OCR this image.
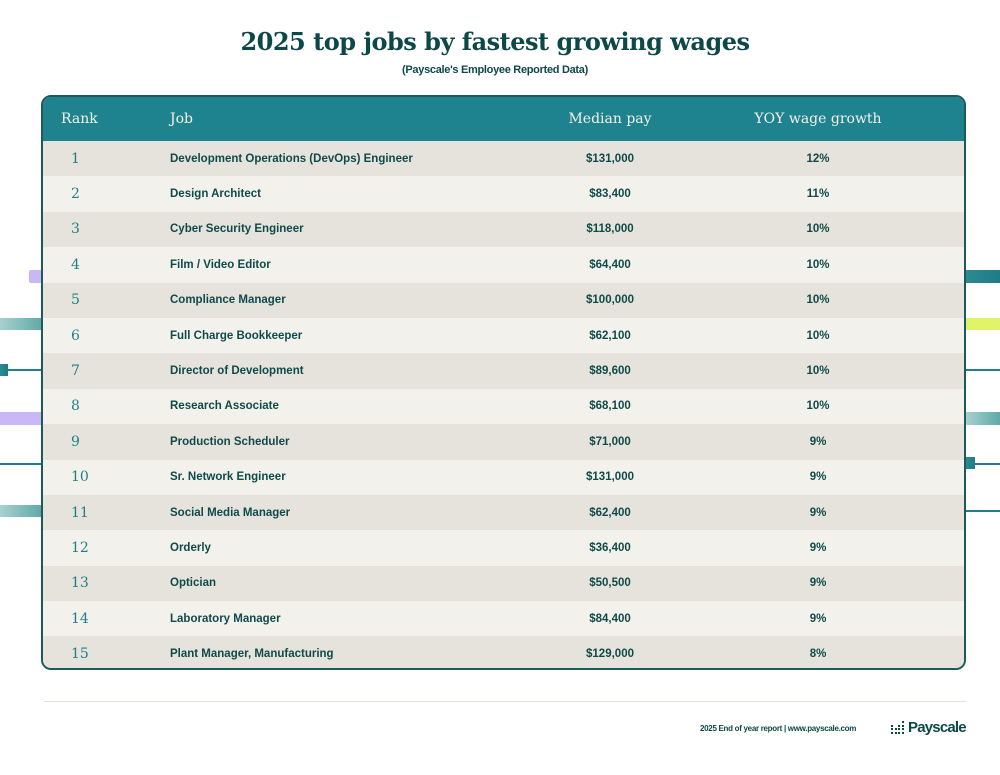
2025 top jobs by fastest growing wages
(Payscale's Employee Reported Data)
Rank	Job	Median pay	YOY wage growth
1	Development Operations (DevOps) Engineer	$131,000	12%
2	Design Architect	$83,400	11%
3	Cyber Security Engineer	$118,000	10%
4	Film / Video Editor	$64,400	10%
5	Compliance Manager	$100,000	10%
6	Full Charge Bookkeeper	$62,100	10%
7	Director of Development	$89,600	10%
8	Research Associate	$68,100	10%
9	Production Scheduler	$71,000	9%
10	Sr. Network Engineer	$131,000	9%
11	Social Media Manager	$62,400	9%
12	Orderly	$36,400	9%
13	Optician	$50,500	9%
14	Laboratory Manager	$84,400	9%
15	Plant Manager, Manufacturing	$129,000	8%
2025 End of year report | www.payscale.com	Payscale
